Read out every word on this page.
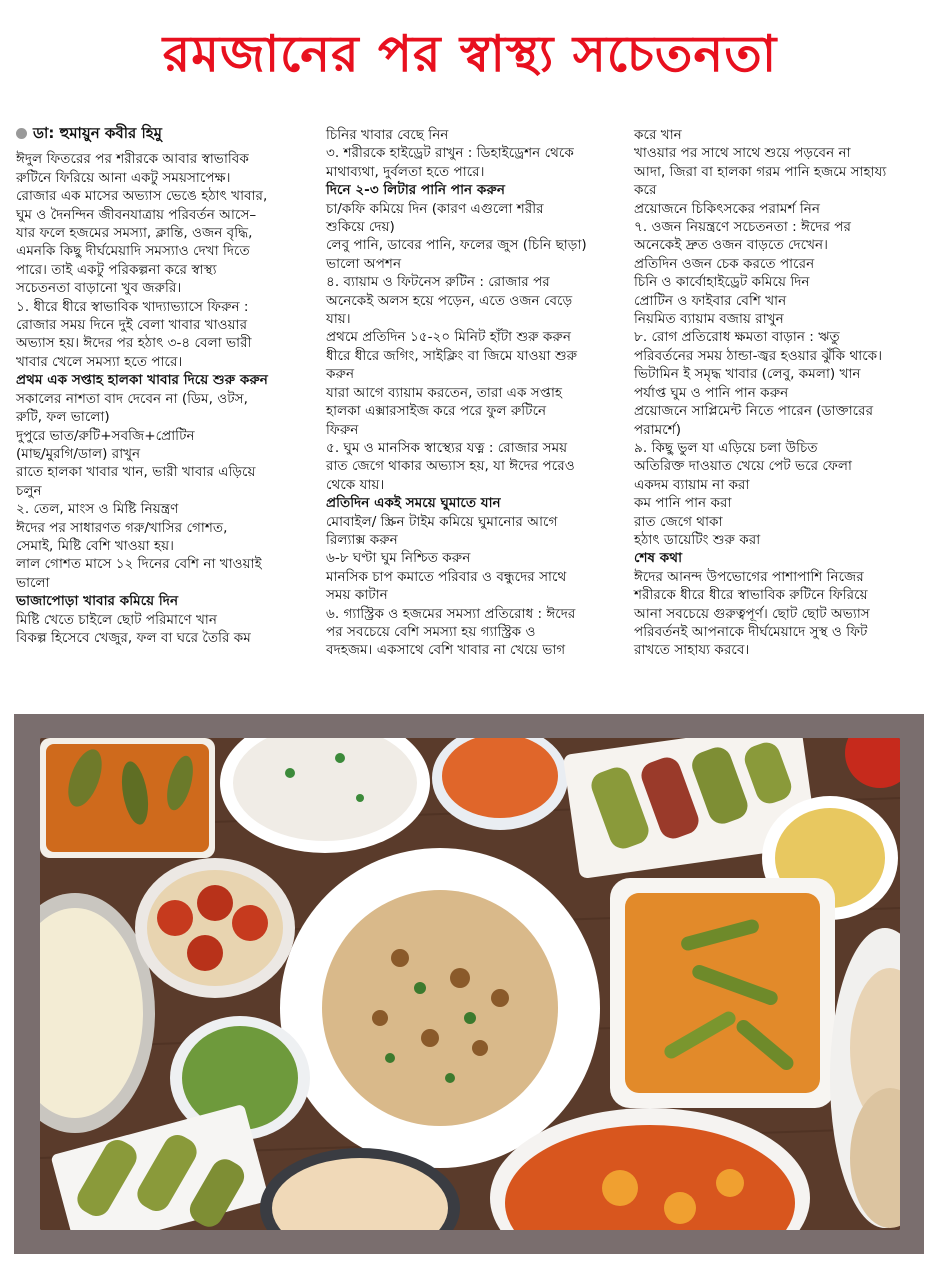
রমজানের পর স্বাস্থ্য সচেতনতা

ডা: হুমায়ুন কবীর হিমু

ঈদুল ফিতরের পর শরীরকে আবার স্বাভাবিক

রুটিনে ফিরিয়ে আনা একটু সময়সাপেক্ষ।

রোজার এক মাসের অভ্যাস ভেঙে হঠাৎ খাবার,

ঘুম ও দৈনন্দিন জীবনযাত্রায় পরিবর্তন আসে–

যার ফলে হজমের সমস্যা, ক্লান্তি, ওজন বৃদ্ধি,

এমনকি কিছু দীর্ঘমেয়াদি সমস্যাও দেখা দিতে

পারে। তাই একটু পরিকল্পনা করে স্বাস্থ্য

সচেতনতা বাড়ানো খুব জরুরি।

১. ধীরে ধীরে স্বাভাবিক খাদ্যাভ্যাসে ফিরুন :

রোজার সময় দিনে দুই বেলা খাবার খাওয়ার

অভ্যাস হয়। ঈদের পর হঠাৎ ৩-৪ বেলা ভারী

খাবার খেলে সমস্যা হতে পারে।

প্রথম এক সপ্তাহ হালকা খাবার দিয়ে শুরু করুন

সকালের নাশতা বাদ দেবেন না (ডিম, ওটস,

রুটি, ফল ভালো)

দুপুরে ভাত/রুটি+সবজি+প্রোটিন

(মাছ/মুরগি/ডাল) রাখুন

রাতে হালকা খাবার খান, ভারী খাবার এড়িয়ে

চলুন

২. তেল, মাংস ও মিষ্টি নিয়ন্ত্রণ

ঈদের পর সাধারণত গরু/খাসির গোশত,

সেমাই, মিষ্টি বেশি খাওয়া হয়।

লাল গোশত মাসে ১২ দিনের বেশি না খাওয়াই

ভালো

ভাজাপোড়া খাবার কমিয়ে দিন

মিষ্টি খেতে চাইলে ছোট পরিমাণে খান

বিকল্প হিসেবে খেজুর, ফল বা ঘরে তৈরি কম

চিনির খাবার বেছে নিন

৩. শরীরকে হাইড্রেট রাখুন : ডিহাইড্রেশন থেকে

মাথাব্যথা, দুর্বলতা হতে পারে।

দিনে ২-৩ লিটার পানি পান করুন

চা/কফি কমিয়ে দিন (কারণ এগুলো শরীর

শুকিয়ে দেয়)

লেবু পানি, ডাবের পানি, ফলের জুস (চিনি ছাড়া)

ভালো অপশন

৪. ব্যায়াম ও ফিটনেস রুটিন : রোজার পর

অনেকেই অলস হয়ে পড়েন, এতে ওজন বেড়ে

যায়।

প্রথমে প্রতিদিন ১৫-২০ মিনিট হাঁটা শুরু করুন

ধীরে ধীরে জগিং, সাইক্লিং বা জিমে যাওয়া শুরু

করুন

যারা আগে ব্যায়াম করতেন, তারা এক সপ্তাহ

হালকা এক্সারসাইজ করে পরে ফুল রুটিনে

ফিরুন

৫. ঘুম ও মানসিক স্বাস্থ্যের যত্ন : রোজার সময়

রাত জেগে থাকার অভ্যাস হয়, যা ঈদের পরেও

থেকে যায়।

প্রতিদিন একই সময়ে ঘুমাতে যান

মোবাইল/ স্ক্রিন টাইম কমিয়ে ঘুমানোর আগে

রিল্যাক্স করুন

৬-৮ ঘণ্টা ঘুম নিশ্চিত করুন

মানসিক চাপ কমাতে পরিবার ও বন্ধুদের সাথে

সময় কাটান

৬. গ্যাস্ট্রিক ও হজমের সমস্যা প্রতিরোধ : ঈদের

পর সবচেয়ে বেশি সমস্যা হয় গ্যাস্ট্রিক ও

বদহজম। একসাথে বেশি খাবার না খেয়ে ভাগ

করে খান

খাওয়ার পর সাথে সাথে শুয়ে পড়বেন না

আদা, জিরা বা হালকা গরম পানি হজমে সাহায্য

করে

প্রয়োজনে চিকিৎসকের পরামর্শ নিন

৭. ওজন নিয়ন্ত্রণে সচেতনতা : ঈদের পর

অনেকেই দ্রুত ওজন বাড়তে দেখেন।

প্রতিদিন ওজন চেক করতে পারেন

চিনি ও কার্বোহাইড্রেট কমিয়ে দিন

প্রোটিন ও ফাইবার বেশি খান

নিয়মিত ব্যায়াম বজায় রাখুন

৮. রোগ প্রতিরোধ ক্ষমতা বাড়ান : ঋতু

পরিবর্তনের সময় ঠান্ডা-জ্বর হওয়ার ঝুঁকি থাকে।

ভিটামিন ই সমৃদ্ধ খাবার (লেবু, কমলা) খান

পর্যাপ্ত ঘুম ও পানি পান করুন

প্রয়োজনে সাপ্লিমেন্ট নিতে পারেন (ডাক্তারের

পরামর্শে)

৯. কিছু ভুল যা এড়িয়ে চলা উচিত

অতিরিক্ত দাওয়াত খেয়ে পেট ভরে ফেলা

একদম ব্যায়াম না করা

কম পানি পান করা

রাত জেগে থাকা

হঠাৎ ডায়েটিং শুরু করা

শেষ কথা

ঈদের আনন্দ উপভোগের পাশাপাশি নিজের

শরীরকে ধীরে ধীরে স্বাভাবিক রুটিনে ফিরিয়ে

আনা সবচেয়ে গুরুত্বপূর্ণ। ছোট ছোট অভ্যাস

পরিবর্তনই আপনাকে দীর্ঘমেয়াদে সুস্থ ও ফিট

রাখতে সাহায্য করবে।
